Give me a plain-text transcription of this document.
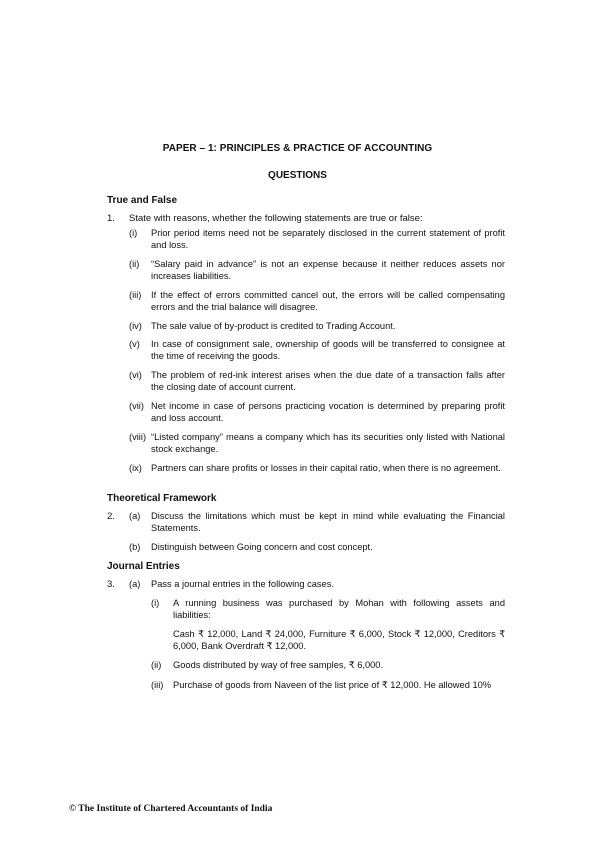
PAPER – 1: PRINCIPLES & PRACTICE OF ACCOUNTING
QUESTIONS
True and False
1. State with reasons, whether the following statements are true or false:
(i) Prior period items need not be separately disclosed in the current statement of profit and loss.
(ii) “Salary paid in advance” is not an expense because it neither reduces assets nor increases liabilities.
(iii) If the effect of errors committed cancel out, the errors will be called compensating errors and the trial balance will disagree.
(iv) The sale value of by-product is credited to Trading Account.
(v) In case of consignment sale, ownership of goods will be transferred to consignee at the time of receiving the goods.
(vi) The problem of red-ink interest arises when the due date of a transaction falls after the closing date of account current.
(vii) Net income in case of persons practicing vocation is determined by preparing profit and loss account.
(viii) “Listed company” means a company which has its securities only listed with National stock exchange.
(ix) Partners can share profits or losses in their capital ratio, when there is no agreement.
Theoretical Framework
2. (a) Discuss the limitations which must be kept in mind while evaluating the Financial Statements.
(b) Distinguish between Going concern and cost concept.
Journal Entries
3. (a) Pass a journal entries in the following cases.
(i) A running business was purchased by Mohan with following assets and liabilities:
Cash ₹ 12,000, Land ₹ 24,000, Furniture ₹ 6,000, Stock ₹ 12,000, Creditors ₹ 6,000, Bank Overdraft ₹ 12,000.
(ii) Goods distributed by way of free samples, ₹ 6,000.
(iii) Purchase of goods from Naveen of the list price of ₹ 12,000. He allowed 10%
© The Institute of Chartered Accountants of India
